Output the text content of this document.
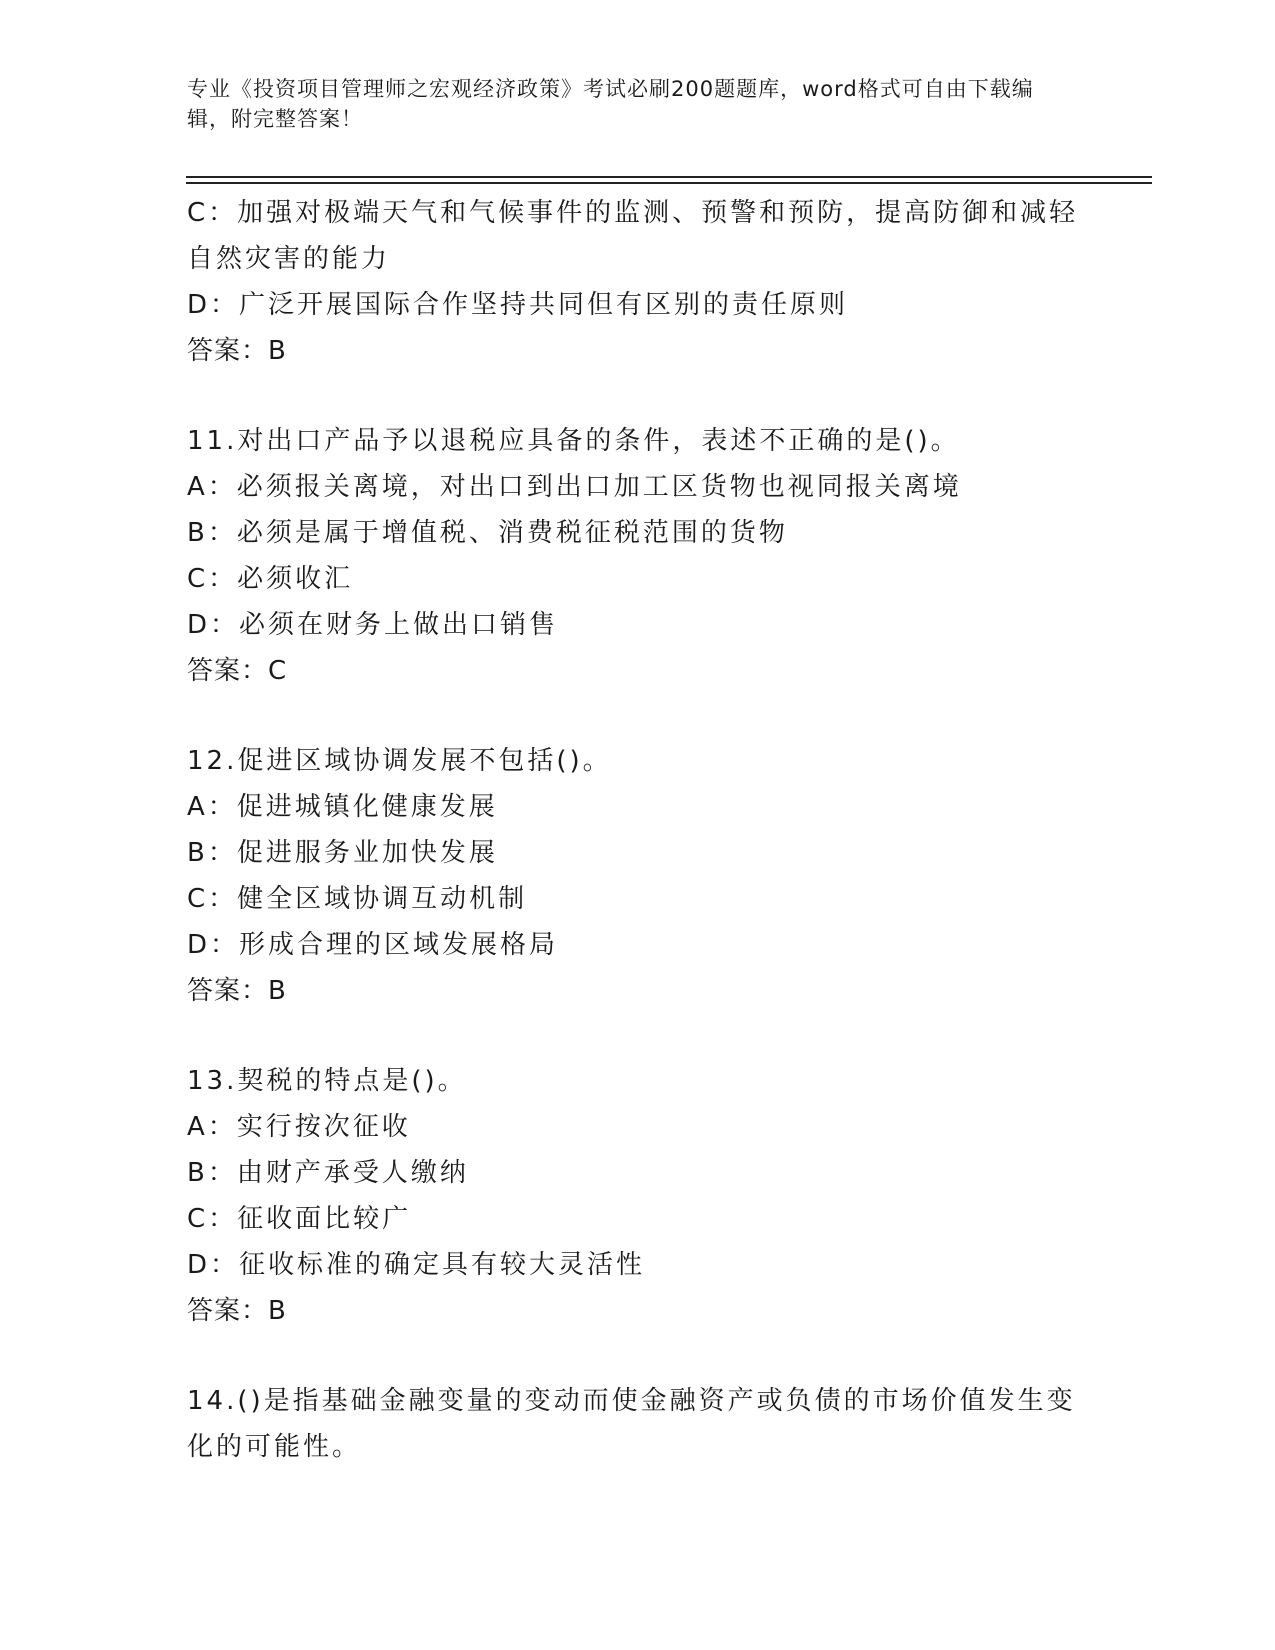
专业《投资项目管理师之宏观经济政策》考试必刷200题题库，word格式可自由下载编辑，附完整答案！
C：加强对极端天气和气候事件的监测、预警和预防，提高防御和减轻自然灾害的能力
D：广泛开展国际合作坚持共同但有区别的责任原则
答案：B
11.对出口产品予以退税应具备的条件，表述不正确的是()。
A：必须报关离境，对出口到出口加工区货物也视同报关离境
B：必须是属于增值税、消费税征税范围的货物
C：必须收汇
D：必须在财务上做出口销售
答案：C
12.促进区域协调发展不包括()。
A：促进城镇化健康发展
B：促进服务业加快发展
C：健全区域协调互动机制
D：形成合理的区域发展格局
答案：B
13.契税的特点是()。
A：实行按次征收
B：由财产承受人缴纳
C：征收面比较广
D：征收标准的确定具有较大灵活性
答案：B
14.()是指基础金融变量的变动而使金融资产或负债的市场价值发生变化的可能性。
